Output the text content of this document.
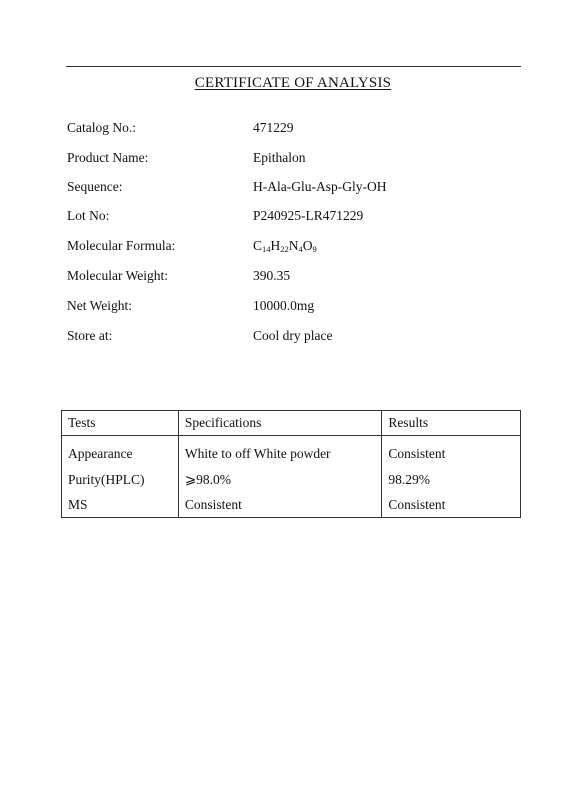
CERTIFICATE OF ANALYSIS
Catalog No.:	471229
Product Name:	Epithalon
Sequence:	H-Ala-Glu-Asp-Gly-OH
Lot No:	P240925-LR471229
Molecular Formula:	$C_{14}H_{22}N_4O_9$
Molecular Weight:	390.35
Net Weight:	10000.0mg
Store at:	Cool dry place
Tests	Specifications	Results
Appearance	White to off White powder	Consistent
Purity(HPLC)	⩾98.0%	98.29%
MS	Consistent	Consistent
